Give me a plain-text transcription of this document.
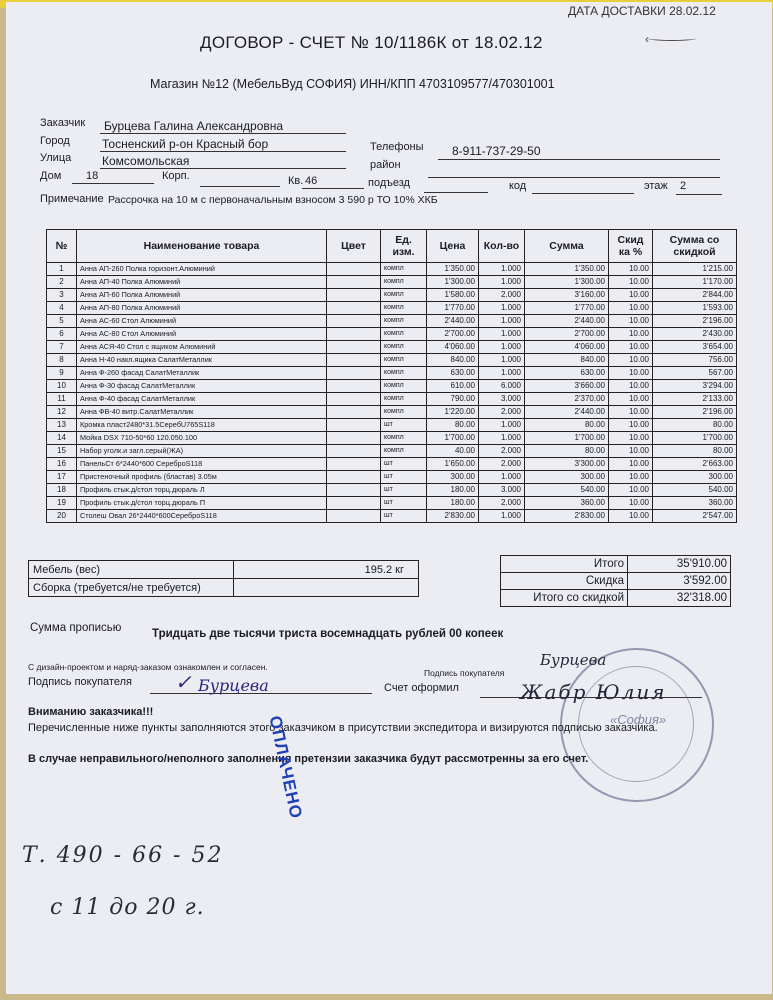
ДАТА ДОСТАВКИ 28.02.12
ДОГОВОР - СЧЕТ № 10/1186К от 18.02.12	‹
Магазин №12 (МебельВуд СОФИЯ) ИНН/КПП 4703109577/470301001
Заказчик Бурцева Галина Александровна
Город	Тосненский р-он Красный бор
Улица	Комсомольская
Дом 18	Корп.	Кв. 46
Телефоны 8-911-737-29-50
район
подъезд	код	этаж 2
Примечание Рассрочка на 10 м с первоначальным взносом 3 590 р ТО 10% ХКБ
№	Наименование товара	Цвет	Ед. изм.	Цена	Кол-во	Сумма	Скид ка %	Сумма со скидкой
1	Анна АП-260 Полка горизонт.Алюминий		компл	1'350.00	1.000	1'350.00	10.00	1'215.00
2	Анна АП-40 Полка Алюминий		компл	1'300.00	1.000	1'300.00	10.00	1'170.00
3	Анна АП-60 Полка Алюминий		компл	1'580.00	2.000	3'160.00	10.00	2'844.00
4	Анна АП-80 Полка Алюминий		компл	1'770.00	1.000	1'770.00	10.00	1'593.00
5	Анна АС-60 Стол Алюминий		компл	2'440.00	1.000	2'440.00	10.00	2'196.00
6	Анна АС-80 Стол Алюминий		компл	2'700.00	1.000	2'700.00	10.00	2'430.00
7	Анна АСЯ-40 Стол с ящиком Алюминий		компл	4'060.00	1.000	4'060.00	10.00	3'654.00
8	Анна Н-40 накл.ящика СалатМеталлик		компл	840.00	1.000	840.00	10.00	756.00
9	Анна Ф-260 фасад СалатМеталлик		компл	630.00	1.000	630.00	10.00	567.00
10	Анна Ф-30 фасад СалатМеталлик		компл	610.00	6.000	3'660.00	10.00	3'294.00
11	Анна Ф-40 фасад СалатМеталлик		компл	790.00	3.000	2'370.00	10.00	2'133.00
12	Анна ФВ-40 витр.СалатМеталлик		компл	1'220.00	2.000	2'440.00	10.00	2'196.00
13	Кромка пласт2480*31.5СеребU765S118		шт	80.00	1.000	80.00	10.00	80.00
14	Мойка DSX 710-50*60 120.050.100		компл	1'700.00	1.000	1'700.00	10.00	1'700.00
15	Набор уголк.и загл.серый(ЖА)		компл	40.00	2.000	80.00	10.00	80.00
16	ПанельСт 6*2440*600 СереброS118		шт	1'650.00	2.000	3'300.00	10.00	2'663.00
17	Пристеночный профиль (бластав) 3.05м		шт	300.00	1.000	300.00	10.00	300.00
18	Профиль стык.д/стол торц.дюраль Л		шт	180.00	3.000	540.00	10.00	540.00
19	Профиль стык.д/стол торц.дюраль П		шт	180.00	2.000	360.00	10.00	360.00
20	Столеш Овал 26*2440*600СереброS118		шт	2'830.00	1.000	2'830.00	10.00	2'547.00
Мебель (вес)	195.2 кг
Сборка (требуется/не требуется)	
Итого	35'910.00
Скидка	3'592.00
Итого со скидкой	32'318.00
Сумма прописью	Тридцать две тысячи триста восемнадцать рублей 00 копеек
С дизайн-проектом и наряд-заказом ознакомлен и согласен.
Подпись покупателя
Подпись покупателя
Счет оформил
«София»
✓ Бурцева
Бурцева
Жабр Юлия
Вниманию заказчика!!!
Перечисленные ниже пункты заполняются этого заказчиком в присутствии экспедитора и визируются подписью заказчика.
В случае неправильного/неполного заполнения претензии заказчика будут рассмотренны за его счет.
ОПЛАЧЕНО
Т. 490 - 66 - 52
с 11 до 20 г.
